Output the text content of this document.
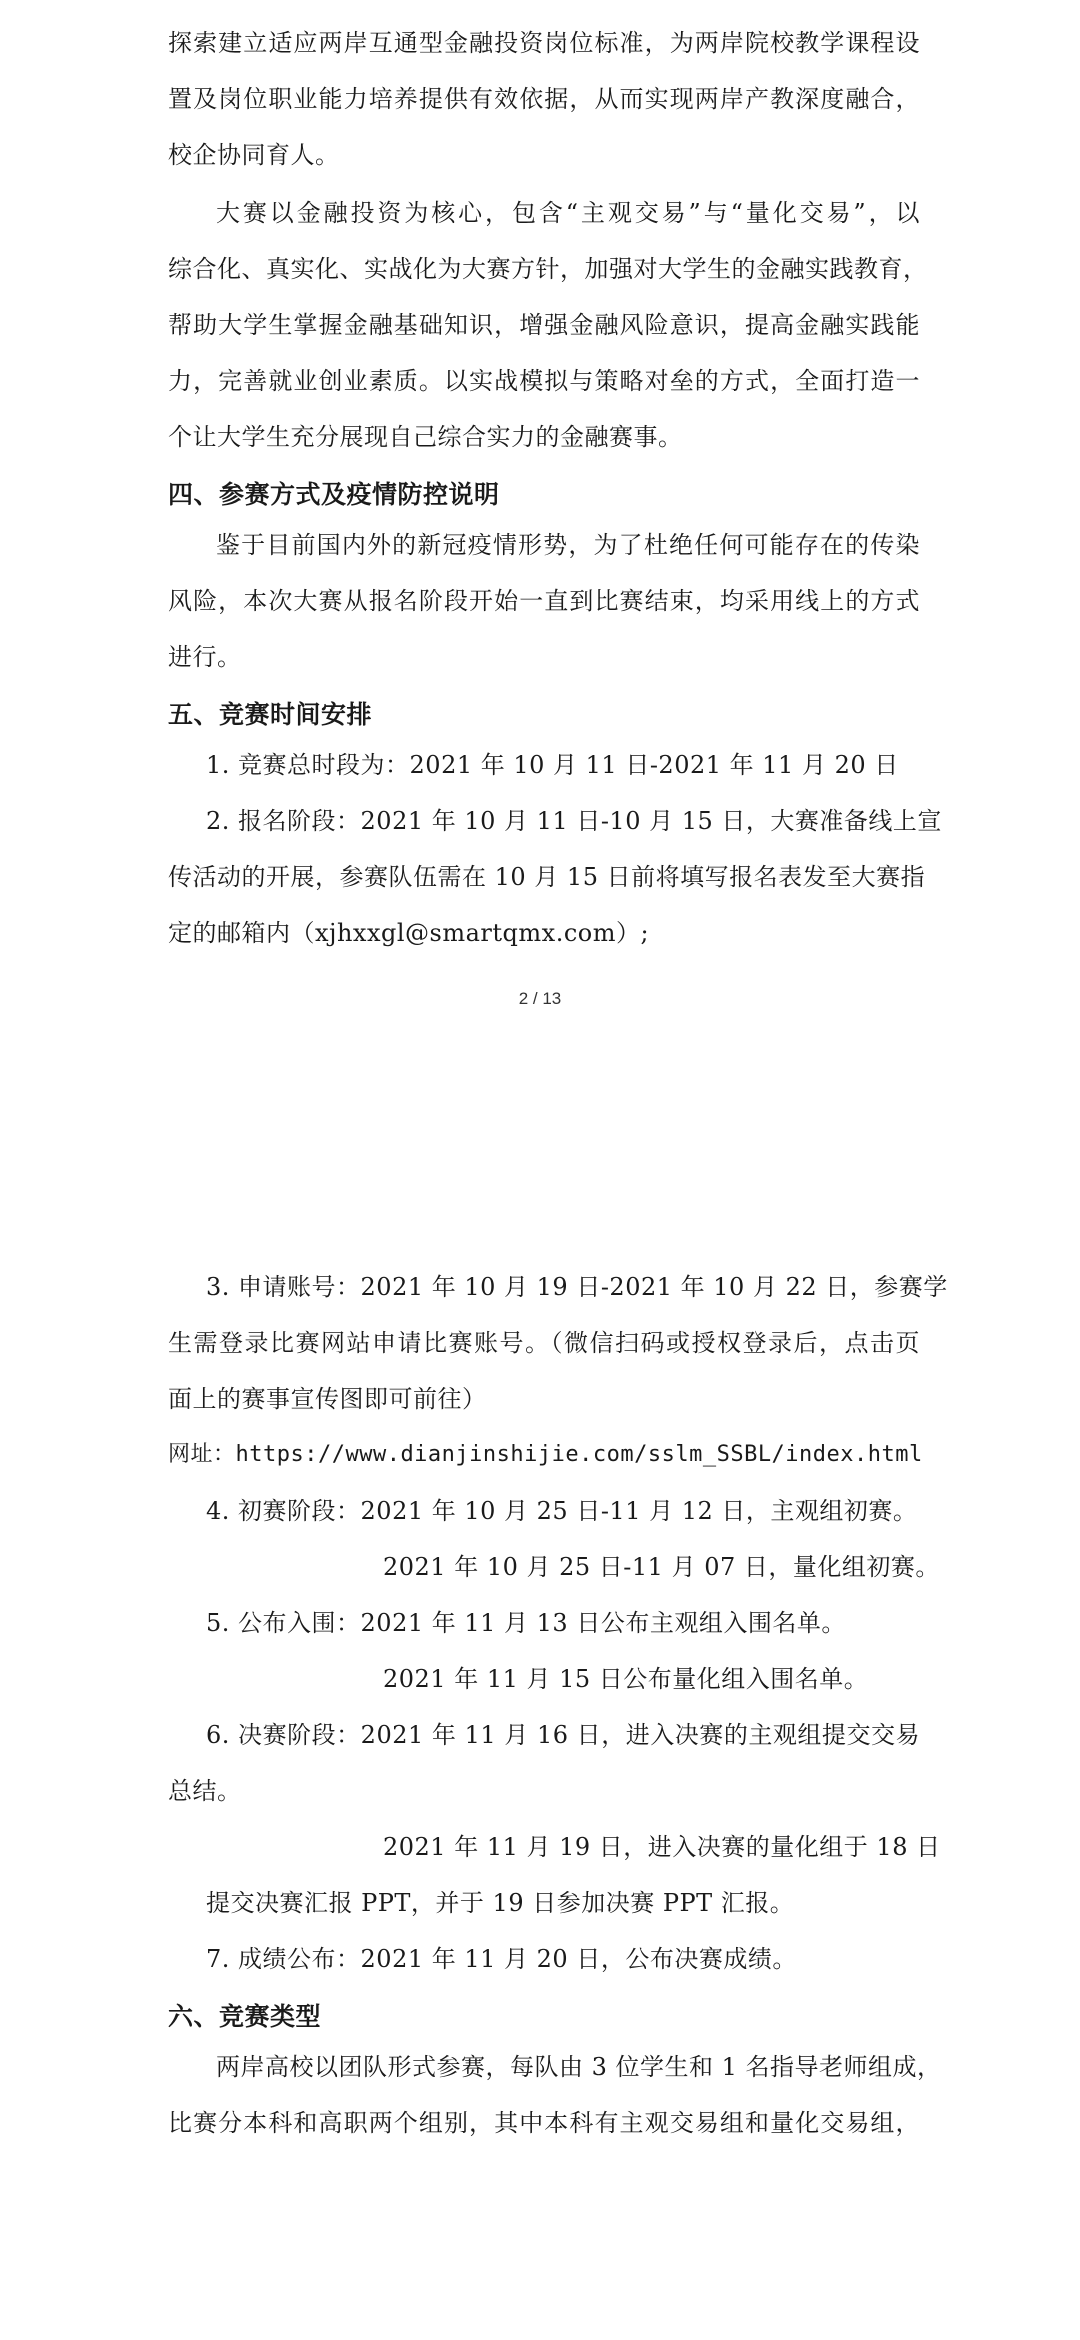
探索建立适应两岸互通型金融投资岗位标准，为两岸院校教学课程设
置及岗位职业能力培养提供有效依据，从而实现两岸产教深度融合，
校企协同育人。
大赛以金融投资为核心，包含“主观交易”与“量化交易”，以
综合化、真实化、实战化为大赛方针，加强对大学生的金融实践教育，
帮助大学生掌握金融基础知识，增强金融风险意识，提高金融实践能
力，完善就业创业素质。以实战模拟与策略对垒的方式，全面打造一
个让大学生充分展现自己综合实力的金融赛事。
四、参赛方式及疫情防控说明
鉴于目前国内外的新冠疫情形势，为了杜绝任何可能存在的传染
风险，本次大赛从报名阶段开始一直到比赛结束，均采用线上的方式
进行。
五、竞赛时间安排
1. 竞赛总时段为：2021 年 10 月 11 日-2021 年 11 月 20 日
2. 报名阶段：2021 年 10 月 11 日-10 月 15 日，大赛准备线上宣
传活动的开展，参赛队伍需在 10 月 15 日前将填写报名表发至大赛指
定的邮箱内（xjhxxgl@smartqmx.com）;
2 / 13
3. 申请账号：2021 年 10 月 19 日-2021 年 10 月 22 日，参赛学
生需登录比赛网站申请比赛账号。（微信扫码或授权登录后，点击页
面上的赛事宣传图即可前往）
网址：https://www.dianjinshijie.com/sslm_SSBL/index.html
4. 初赛阶段：2021 年 10 月 25 日-11 月 12 日，主观组初赛。
2021 年 10 月 25 日-11 月 07 日，量化组初赛。
5. 公布入围：2021 年 11 月 13 日公布主观组入围名单。
2021 年 11 月 15 日公布量化组入围名单。
6. 决赛阶段：2021 年 11 月 16 日，进入决赛的主观组提交交易
总结。
2021 年 11 月 19 日，进入决赛的量化组于 18 日
提交决赛汇报 PPT，并于 19 日参加决赛 PPT 汇报。
7. 成绩公布：2021 年 11 月 20 日，公布决赛成绩。
六、竞赛类型
两岸高校以团队形式参赛，每队由 3 位学生和 1 名指导老师组成，
比赛分本科和高职两个组别，其中本科有主观交易组和量化交易组，
